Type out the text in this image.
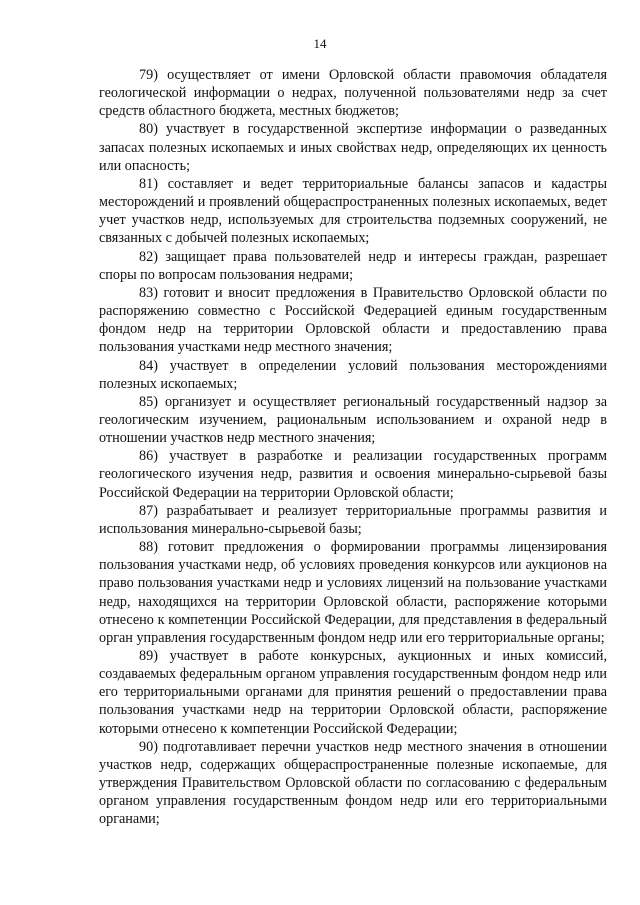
14

79) осуществляет от имени Орловской области правомочия обладателя геологической информации о недрах, полученной пользователями недр за счет средств областного бюджета, местных бюджетов;

80) участвует в государственной экспертизе информации о разведанных запасах полезных ископаемых и иных свойствах недр, определяющих их ценность или опасность;

81) составляет и ведет территориальные балансы запасов и кадастры месторождений и проявлений общераспространенных полезных ископаемых, ведет учет участков недр, используемых для строительства подземных сооружений, не связанных с добычей полезных ископаемых;

82) защищает права пользователей недр и интересы граждан, разрешает споры по вопросам пользования недрами;

83) готовит и вносит предложения в Правительство Орловской области по распоряжению совместно с Российской Федерацией единым государственным фондом недр на территории Орловской области и предоставлению права пользования участками недр местного значения;

84) участвует в определении условий пользования месторождениями полезных ископаемых;

85) организует и осуществляет региональный государственный надзор за геологическим изучением, рациональным использованием и охраной недр в отношении участков недр местного значения;

86) участвует в разработке и реализации государственных программ геологического изучения недр, развития и освоения минерально-сырьевой базы Российской Федерации на территории Орловской области;

87) разрабатывает и реализует территориальные программы развития и использования минерально-сырьевой базы;

88) готовит предложения о формировании программы лицензирования пользования участками недр, об условиях проведения конкурсов или аукционов на право пользования участками недр и условиях лицензий на пользование участками недр, находящихся на территории Орловской области, распоряжение которыми отнесено к компетенции Российской Федерации, для представления в федеральный орган управления государственным фондом недр или его территориальные органы;

89) участвует в работе конкурсных, аукционных и иных комиссий, создаваемых федеральным органом управления государственным фондом недр или его территориальными органами для принятия решений о предоставлении права пользования участками недр на территории Орловской области, распоряжение которыми отнесено к компетенции Российской Федерации;

90) подготавливает перечни участков недр местного значения в отношении участков недр, содержащих общераспространенные полезные ископаемые, для утверждения Правительством Орловской области по согласованию с федеральным органом управления государственным фондом недр или его территориальными органами;
